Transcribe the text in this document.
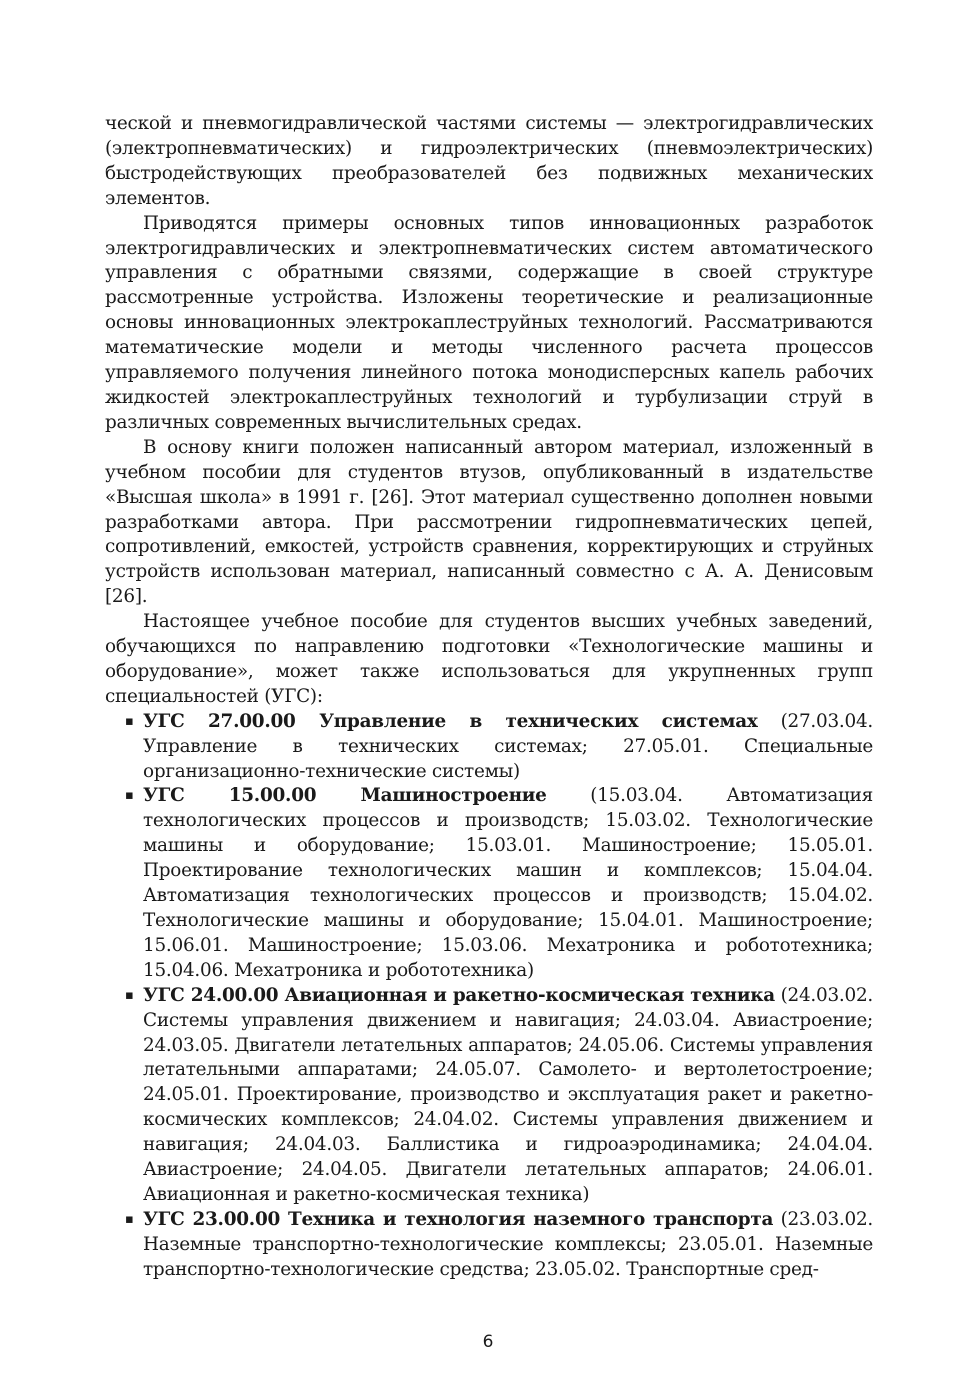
ческой и пневмогидравлической частями системы — электрогидравлических (электропневматических) и гидроэлектрических (пневмоэлектрических) быстродействующих преобразователей без подвижных механических элементов.

Приводятся примеры основных типов инновационных разработок электрогидравлических и электропневматических систем автоматического управления с обратными связями, содержащие в своей структуре рассмотренные устройства. Изложены теоретические и реализационные основы инновационных электрокаплеструйных технологий. Рассматриваются математические модели и методы численного расчета процессов управляемого получения линейного потока монодисперсных капель рабочих жидкостей электрокаплеструйных технологий и турбулизации струй в различных современных вычислительных средах.

В основу книги положен написанный автором материал, изложенный в учебном пособии для студентов втузов, опубликованный в издательстве «Высшая школа» в 1991 г. [26]. Этот материал существенно дополнен новыми разработками автора. При рассмотрении гидропневматических цепей, сопротивлений, емкостей, устройств сравнения, корректирующих и струйных устройств использован материал, написанный совместно с А. А. Денисовым [26].

Настоящее учебное пособие для студентов высших учебных заведений, обучающихся по направлению подготовки «Технологические машины и оборудование», может также использоваться для укрупненных групп специальностей (УГС):

▪ УГС 27.00.00 Управление в технических системах (27.03.04. Управление в технических системах; 27.05.01. Специальные организационно-технические системы)
▪ УГС 15.00.00 Машиностроение (15.03.04. Автоматизация технологических процессов и производств; 15.03.02. Технологические машины и оборудование; 15.03.01. Машиностроение; 15.05.01. Проектирование технологических машин и комплексов; 15.04.04. Автоматизация технологических процессов и производств; 15.04.02. Технологические машины и оборудование; 15.04.01. Машиностроение; 15.06.01. Машиностроение; 15.03.06. Мехатроника и робототехника; 15.04.06. Мехатроника и робототехника)
▪ УГС 24.00.00 Авиационная и ракетно-космическая техника (24.03.02. Системы управления движением и навигация; 24.03.04. Авиастроение; 24.03.05. Двигатели летательных аппаратов; 24.05.06. Системы управления летательными аппаратами; 24.05.07. Самолето- и вертолетостроение; 24.05.01. Проектирование, производство и эксплуатация ракет и ракетно-космических комплексов; 24.04.02. Системы управления движением и навигация; 24.04.03. Баллистика и гидроаэродинамика; 24.04.04. Авиастроение; 24.04.05. Двигатели летательных аппаратов; 24.06.01. Авиационная и ракетно-космическая техника)
▪ УГС 23.00.00 Техника и технология наземного транспорта (23.03.02. Наземные транспортно-технологические комплексы; 23.05.01. Наземные транспортно-технологические средства; 23.05.02. Транспортные сред-
6
